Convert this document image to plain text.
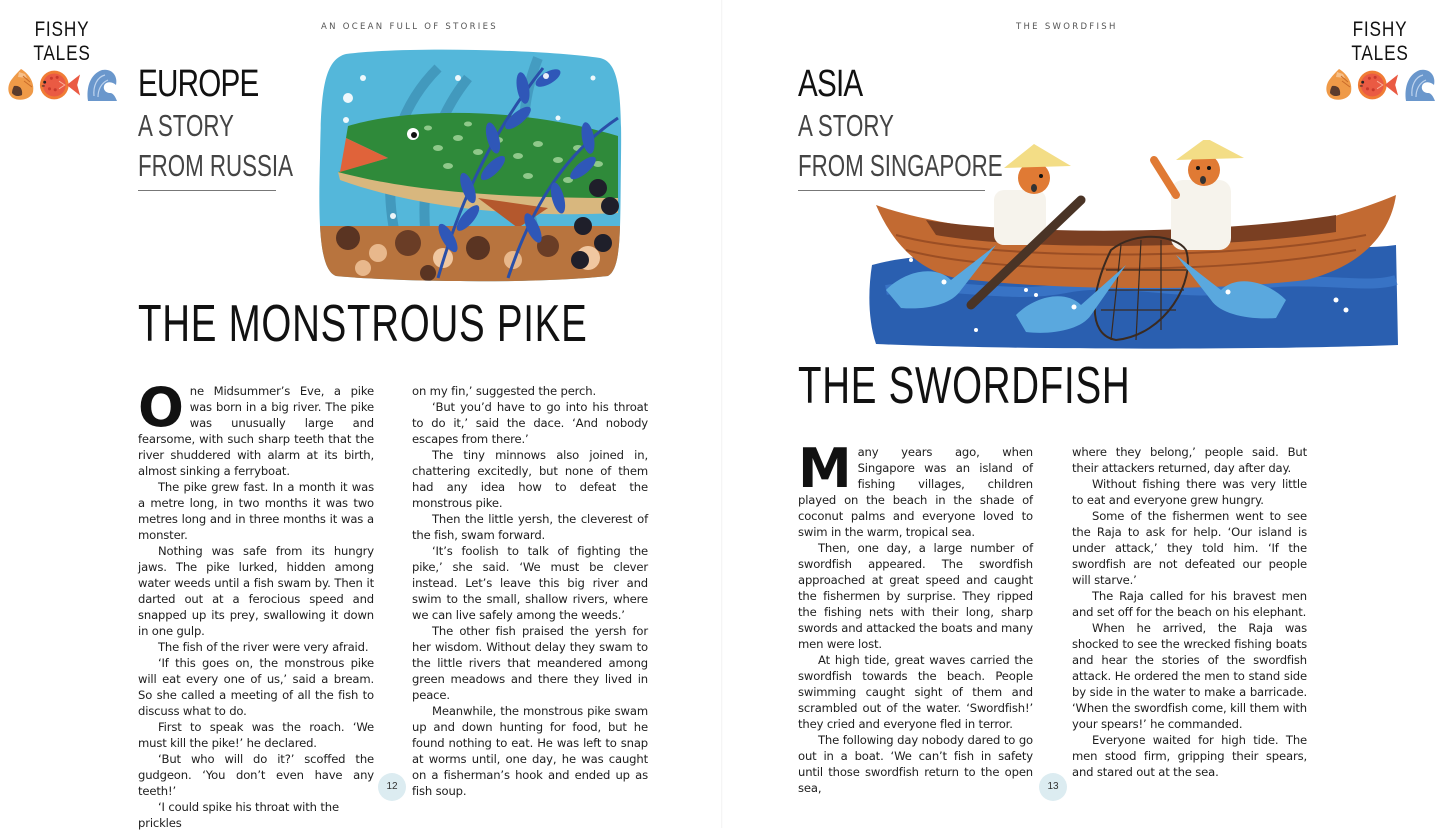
FISHY TALES
AN OCEAN FULL OF STORIES
EUROPE
A STORY
FROM RUSSIA
THE MONSTROUS PIKE

One Midsummer’s Eve, a pike was born in a big river. The pike was unusually large and fearsome, with such sharp teeth that the river shuddered with alarm at its birth, almost sinking a ferryboat.

The pike grew fast. In a month it was a metre long, in two months it was two metres long and in three months it was a monster.

Nothing was safe from its hungry jaws. The pike lurked, hidden among water weeds until a fish swam by. Then it darted out at a ferocious speed and snapped up its prey, swallowing it down in one gulp.

The fish of the river were very afraid.

‘If this goes on, the monstrous pike will eat every one of us,’ said a bream. So she called a meeting of all the fish to discuss what to do.

First to speak was the roach. ‘We must kill the pike!’ he declared.

‘But who will do it?’ scoffed the gudgeon. ‘You don’t even have any teeth!’

‘I could spike his throat with the prickles

on my fin,’ suggested the perch.

‘But you’d have to go into his throat to do it,’ said the dace. ‘And nobody escapes from there.’

The tiny minnows also joined in, chattering excitedly, but none of them had any idea how to defeat the monstrous pike.

Then the little yersh, the cleverest of the fish, swam forward.

‘It’s foolish to talk of fighting the pike,’ she said. ‘We must be clever instead. Let’s leave this big river and swim to the small, shallow rivers, where we can live safely among the weeds.’

The other fish praised the yersh for her wisdom. Without delay they swam to the little rivers that meandered among green meadows and there they lived in peace.

Meanwhile, the monstrous pike swam up and down hunting for food, but he found nothing to eat. He was left to snap at worms until, one day, he was caught on a fisherman’s hook and ended up as fish soup.

12
THE SWORDFISH	FISHY TALES
ASIA
A STORY
FROM SINGAPORE
THE SWORDFISH

Many years ago, when Singapore was an island of fishing villages, children played on the beach in the shade of coconut palms and everyone loved to swim in the warm, tropical sea.

Then, one day, a large number of swordfish appeared. The swordfish approached at great speed and caught the fishermen by surprise. They ripped the fishing nets with their long, sharp swords and attacked the boats and many men were lost.

At high tide, great waves carried the swordfish towards the beach. People swimming caught sight of them and scrambled out of the water. ‘Swordfish!’ they cried and everyone fled in terror.

The following day nobody dared to go out in a boat. ‘We can’t fish in safety until those swordfish return to the open sea,

where they belong,’ people said. But their attackers returned, day after day.

Without fishing there was very little to eat and everyone grew hungry.

Some of the fishermen went to see the Raja to ask for help. ‘Our island is under attack,’ they told him. ‘If the swordfish are not defeated our people will starve.’

The Raja called for his bravest men and set off for the beach on his elephant.

When he arrived, the Raja was shocked to see the wrecked fishing boats and hear the stories of the swordfish attack. He ordered the men to stand side by side in the water to make a barricade. ‘When the swordfish come, kill them with your spears!’ he commanded.

Everyone waited for high tide. The men stood firm, gripping their spears, and stared out at the sea.

13
